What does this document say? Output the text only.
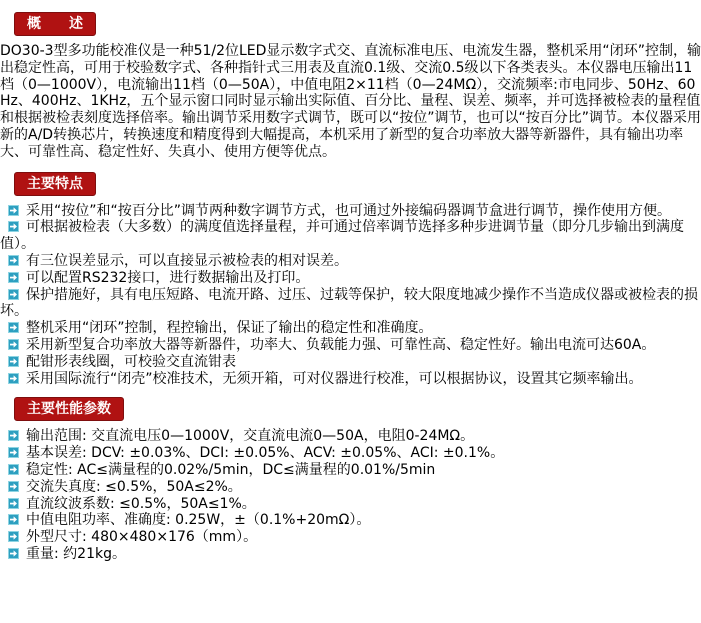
概　　述
DO30-3型多功能校准仪是一种51/2位LED显示数字式交、直流标准电压、电流发生器，整机采用“闭环”控制，输出稳定性高，可用于校验数字式、各种指针式三用表及直流0.1级、交流0.5级以下各类表头。本仪器电压输出11档（0—1000V），电流输出11档（0—50A），中值电阻2×11档（0—24MΩ），交流频率:市电同步、50Hz、60Hz、400Hz、1KHz，五个显示窗口同时显示输出实际值、百分比、量程、误差、频率，并可选择被检表的量程值和根据被检表刻度选择倍率。输出调节采用数字式调节，既可以“按位”调节，也可以“按百分比”调节。本仪器采用新的A/D转换芯片，转换速度和精度得到大幅提高，本机采用了新型的复合功率放大器等新器件，具有输出功率大、可靠性高、稳定性好、失真小、使用方便等优点。
主要特点
采用“按位”和“按百分比”调节两种数字调节方式，也可通过外接编码器调节盒进行调节，操作使用方便。
可根据被检表（大多数）的满度值选择量程，并可通过倍率调节选择多种步进调节量（即分几步输出到满度值）。
有三位误差显示，可以直接显示被检表的相对误差。
可以配置RS232接口，进行数据输出及打印。
保护措施好，具有电压短路、电流开路、过压、过载等保护，较大限度地减少操作不当造成仪器或被检表的损坏。
整机采用“闭环”控制，程控输出，保证了输出的稳定性和准确度。
采用新型复合功率放大器等新器件，功率大、负载能力强、可靠性高、稳定性好。输出电流可达60A。
配钳形表线圈，可校验交直流钳表
采用国际流行“闭壳”校准技术，无须开箱，可对仪器进行校准，可以根据协议，设置其它频率输出。
主要性能参数
输出范围: 交直流电压0—1000V，交直流电流0—50A，电阻0-24MΩ。
基本误差: DCV: ±0.03%、DCI: ±0.05%、ACV: ±0.05%、ACI: ±0.1%。
稳定性: AC≤满量程的0.02%/5min，DC≤满量程的0.01%/5min
交流失真度: ≤0.5%，50A≤2%。
直流纹波系数: ≤0.5%，50A≤1%。
中值电阻功率、准确度: 0.25W，±（0.1%+20mΩ）。
外型尺寸: 480×480×176（mm）。
重量: 约21kg。
